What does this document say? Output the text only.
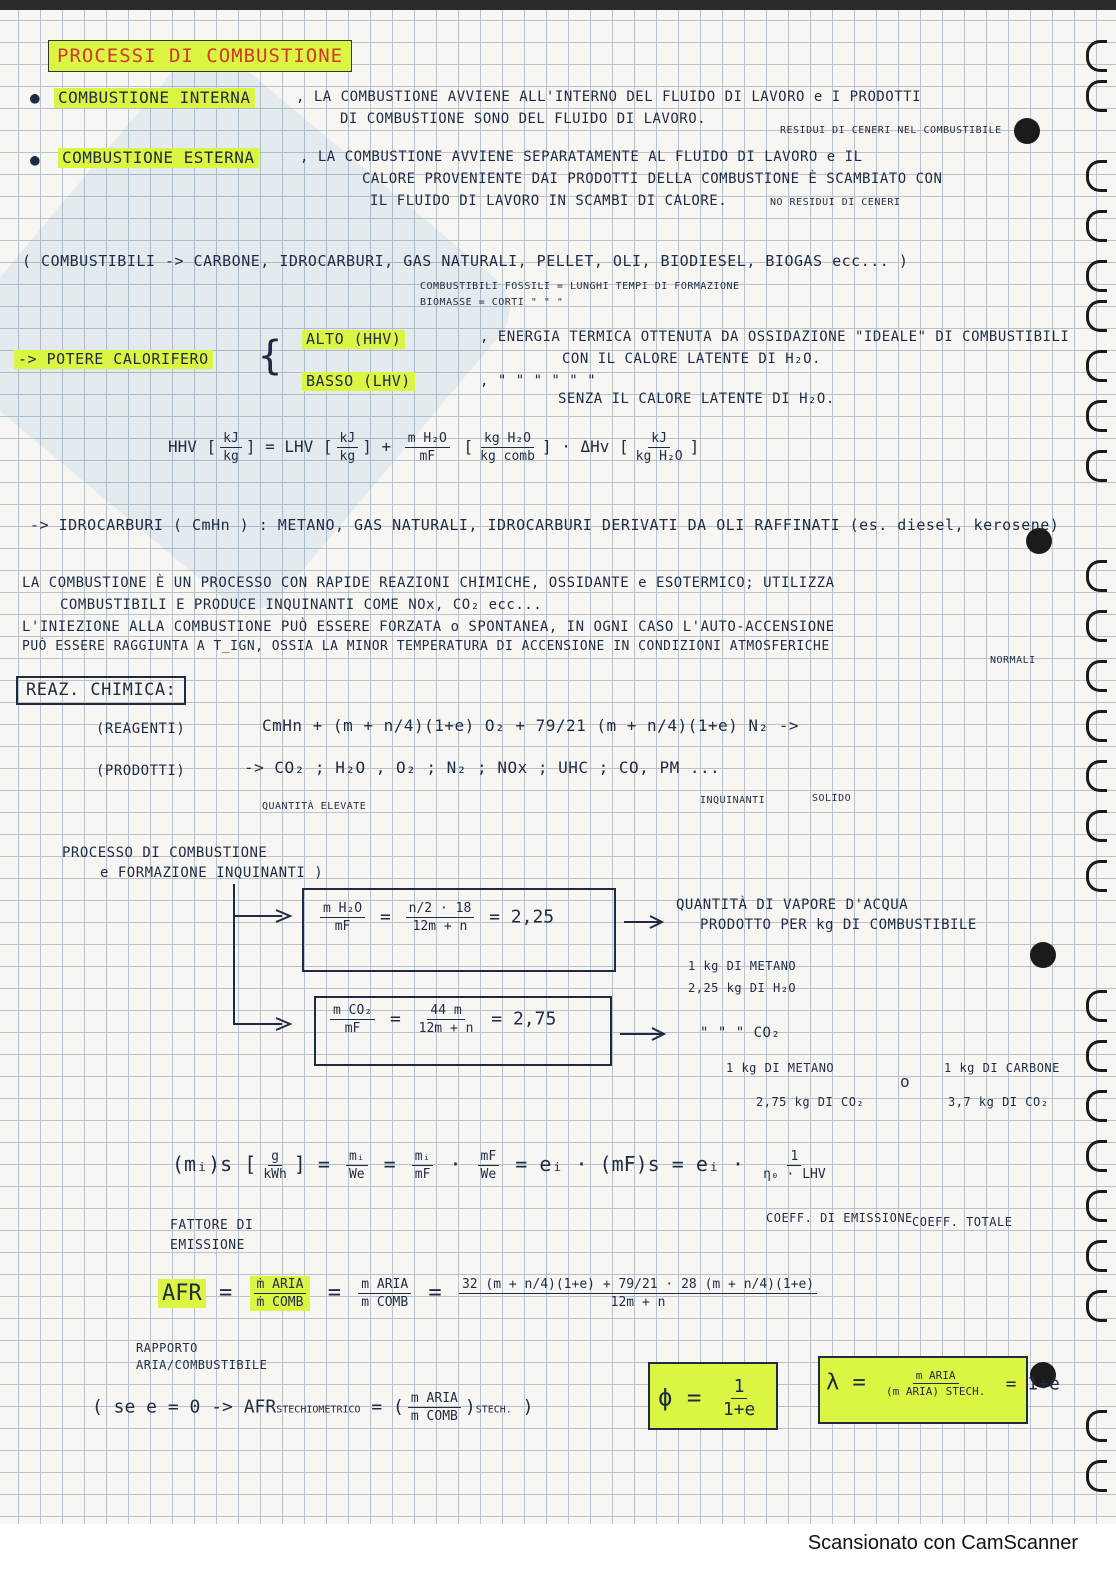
PROCESSI DI COMBUSTIONE
● COMBUSTIONE INTERNA	, LA COMBUSTIONE AVVIENE ALL'INTERNO DEL FLUIDO DI LAVORO e I PRODOTTI
DI COMBUSTIONE SONO DEL FLUIDO DI LAVORO.
RESIDUI DI CENERI NEL COMBUSTIBILE
● COMBUSTIONE ESTERNA	, LA COMBUSTIONE AVVIENE SEPARATAMENTE AL FLUIDO DI LAVORO e IL
CALORE PROVENIENTE DAI PRODOTTI DELLA COMBUSTIONE È SCAMBIATO CON
IL FLUIDO DI LAVORO IN SCAMBI DI CALORE.	NO RESIDUI DI CENERI
( COMBUSTIBILI -> CARBONE, IDROCARBURI, GAS NATURALI, PELLET, OLI, BIODIESEL, BIOGAS ecc... )
COMBUSTIBILI FOSSILI = LUNGHI TEMPI DI FORMAZIONE
BIOMASSE = CORTI " " "
-> POTERE CALORIFERO { ALTO (HHV)
BASSO (LHV)
, ENERGIA TERMICA OTTENUTA DA OSSIDAZIONE "IDEALE" DI COMBUSTIBILI
CON IL CALORE LATENTE DI H₂O.
, " " " " " "
SENZA IL CALORE LATENTE DI H₂O.
HHV [ $\frac{kJ}{kg}$ ] = LHV [ $\frac{kJ}{kg}$ ] + $\frac{\text{m H₂O}}{mF}$ [ $\frac{\text{kg H₂O}}{\text{kg comb}}$ ] · ΔHv [ $\frac{kJ}{\text{kg H₂O}}$ ]
-> IDROCARBURI ( CmHn ) : METANO, GAS NATURALI, IDROCARBURI DERIVATI DA OLI RAFFINATI (es. diesel, kerosene)
LA COMBUSTIONE È UN PROCESSO CON RAPIDE REAZIONI CHIMICHE, OSSIDANTE e ESOTERMICO; UTILIZZA
COMBUSTIBILI E PRODUCE INQUINANTI COME NOx, CO₂ ecc...
L'INIEZIONE ALLA COMBUSTIONE PUÒ ESSERE FORZATA o SPONTANEA, IN OGNI CASO L'AUTO-ACCENSIONE
PUÒ ESSERE RAGGIUNTA A T_IGN, OSSIA LA MINOR TEMPERATURA DI ACCENSIONE IN CONDIZIONI ATMOSFERICHE
NORMALI
REAZ. CHIMICA:
(REAGENTI)	CmHn + (m + n/4)(1+e) O₂ + 79/21 (m + n/4)(1+e) N₂ ->
(PRODOTTI)	-> CO₂ ; H₂O , O₂ ; N₂ ; NOx ; UHC ; CO, PM ...
QUANTITÀ ELEVATE
INQUINANTI	SOLIDO
PROCESSO DI COMBUSTIONE
e FORMAZIONE INQUINANTI )
$\frac{\text{m H₂O}}{mF} = \frac{n/2 \cdot 18}{12m + n} = 2,25$
QUANTITÀ DI VAPORE D'ACQUA
PRODOTTO PER kg DI COMBUSTIBILE
1 kg DI METANO
2,25 kg DI H₂O
$\frac{\text{m CO₂}}{mF} = \frac{44 m}{12m + n} = 2,75$
" " " CO₂
1 kg DI METANO
2,75 kg DI CO₂
o
1 kg DI CARBONE
3,7 kg DI CO₂
(mᵢ)s [ $\frac{g}{\text{kWh}}$ ] = $\frac{\text{mᵢ}}{We} = \frac{\text{mᵢ}}{mF} \cdot \frac{mF}{We}$ = eᵢ · (mF)s = eᵢ · $\frac{1}{\text{η₀ · LHV}}$
FATTORE DI EMISSIONE
COEFF. DI EMISSIONE COEFF. TOTALE
AFR = $\frac{\text{ṁ ARIA}}{\text{ṁ COMB}} = \frac{\text{m ARIA}}{\text{m COMB}} = \frac{32 (m + n/4)(1+e) + 79/21 \cdot 28 (m + n/4)(1+e)}{12m + n}$
RAPPORTO ARIA/COMBUSTIBILE
( se e = 0 -> AFRSTECHIOMETRICO = ( $\frac{\text{m ARIA}}{\text{m COMB}}$ )STECH. )	$\phi = \frac{1}{1+e}$	$\lambda = \frac{\text{m ARIA}}{\text{(m ARIA) STECH.}} = 1+e$
Scansionato con CamScanner
